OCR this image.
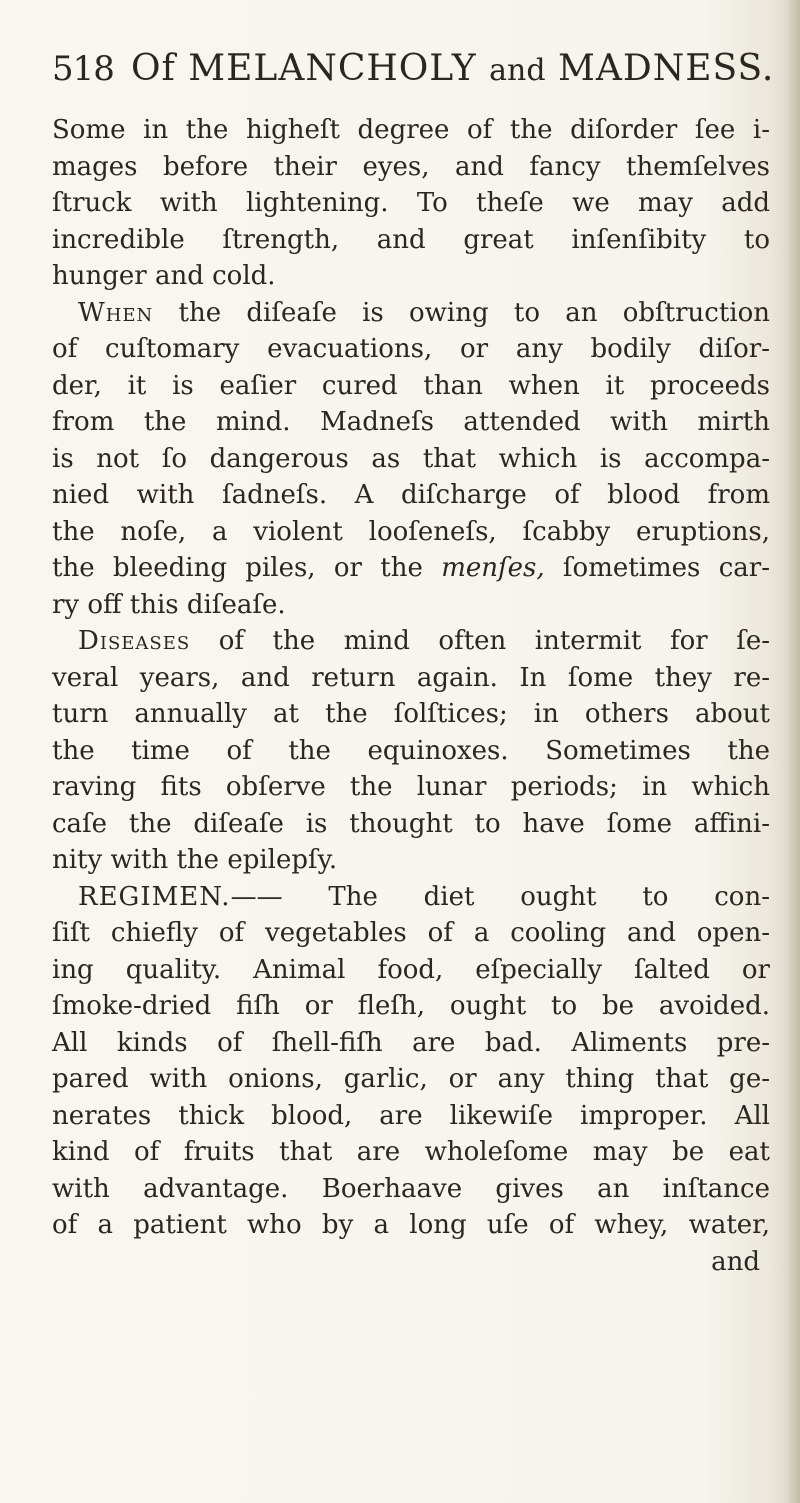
518 Of MELANCHOLY and MADNESS.
Some in the higheſt degree of the diſorder ſee i-
mages before their eyes, and fancy themſelves
ſtruck with lightening. To theſe we may add
incredible ſtrength, and great inſenſibity to
hunger and cold.
When the diſeaſe is owing to an obſtruction
of cuſtomary evacuations, or any bodily diſor-
der, it is eaſier cured than when it proceeds
from the mind. Madneſs attended with mirth
is not ſo dangerous as that which is accompa-
nied with ſadneſs. A diſcharge of blood from
the noſe, a violent looſeneſs, ſcabby eruptions,
the bleeding piles, or the menſes, ſometimes car-
ry off this diſeaſe.
Diseases of the mind often intermit for ſe-
veral years, and return again. In ſome they re-
turn annually at the ſolſtices; in others about
the time of the equinoxes. Sometimes the
raving fits obſerve the lunar periods; in which
caſe the diſeaſe is thought to have ſome affini-
nity with the epilepſy.
REGIMEN.—— The diet ought to con-
ſiſt chiefly of vegetables of a cooling and open-
ing quality. Animal food, eſpecially ſalted or
ſmoke-dried fiſh or fleſh, ought to be avoided.
All kinds of ſhell-fiſh are bad. Aliments pre-
pared with onions, garlic, or any thing that ge-
nerates thick blood, are likewiſe improper. All
kind of fruits that are wholeſome may be eat
with advantage. Boerhaave gives an inſtance
of a patient who by a long uſe of whey, water,
and
